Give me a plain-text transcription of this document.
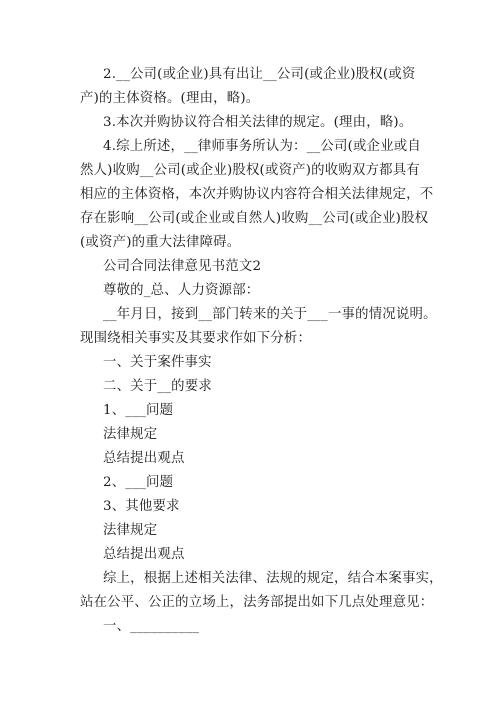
2.__公司(或企业)具有出让__公司(或企业)股权(或资
产)的主体资格。(理由，略)。
3.本次并购协议符合相关法律的规定。(理由，略)。
4.综上所述，__律师事务所认为：__公司(或企业或自
然人)收购__公司(或企业)股权(或资产)的收购双方都具有
相应的主体资格，本次并购协议内容符合相关法律规定，不
存在影响__公司(或企业或自然人)收购__公司(或企业)股权
(或资产)的重大法律障碍。
公司合同法律意见书范文2
尊敬的_总、人力资源部：
__年月日，接到__部门转来的关于___一事的情况说明。
现围绕相关事实及其要求作如下分析：
一、关于案件事实
二、关于__的要求
1、___问题
法律规定
总结提出观点
2、___问题
3、其他要求
法律规定
总结提出观点
综上，根据上述相关法律、法规的规定，结合本案事实，
站在公平、公正的立场上，法务部提出如下几点处理意见：
一、__________
